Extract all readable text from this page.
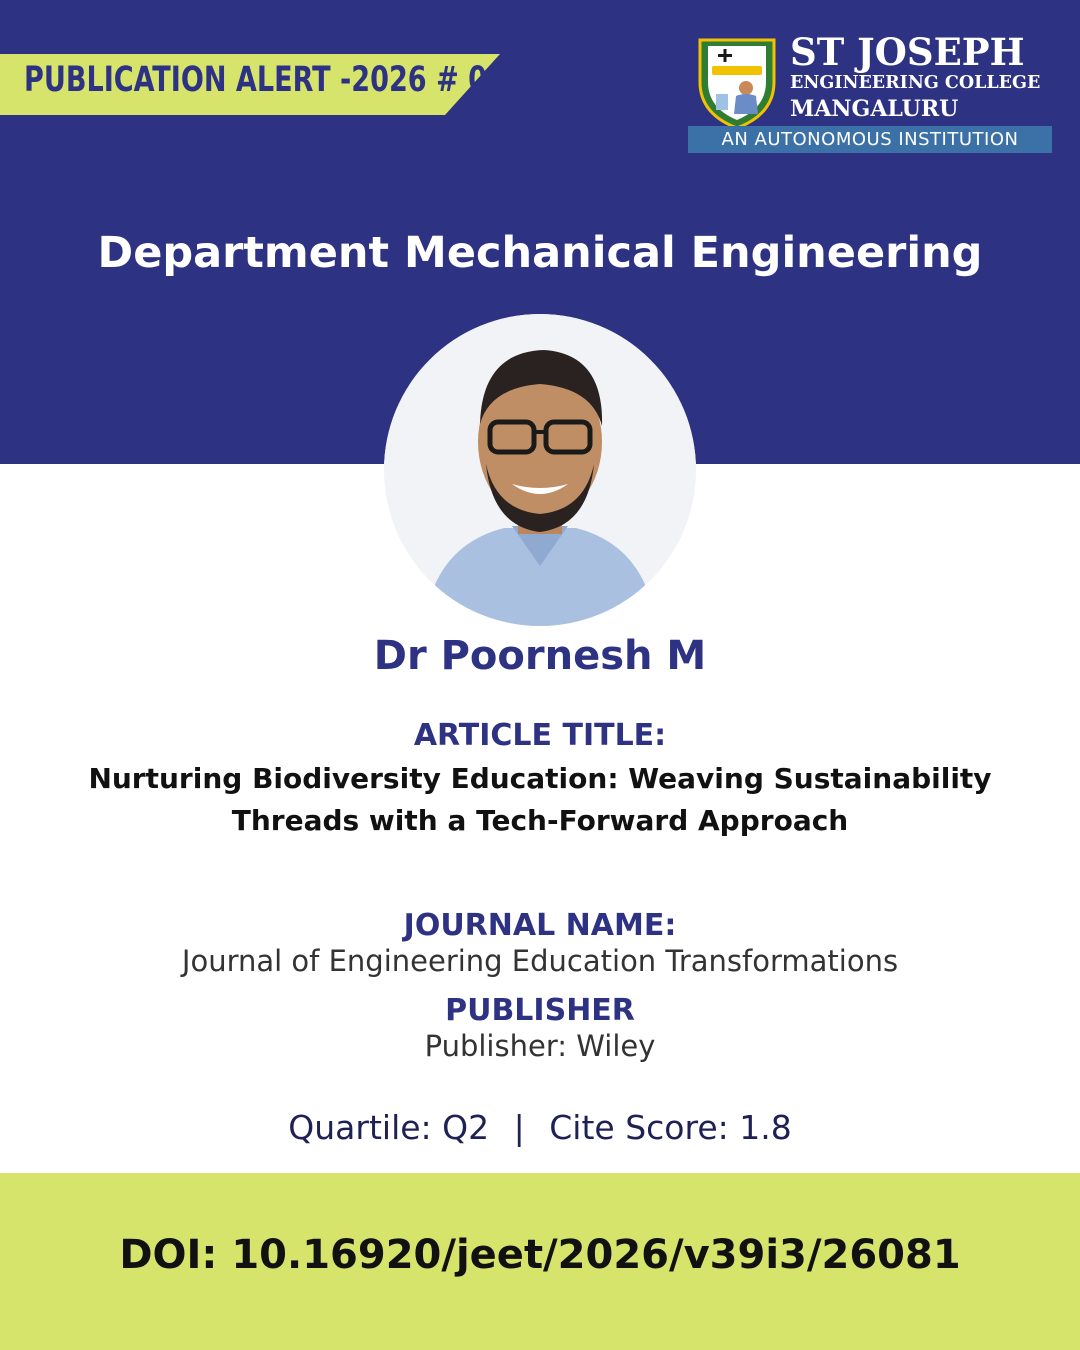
PUBLICATION ALERT -2026 # 03
ST JOSEPH
ENGINEERING COLLEGE
MANGALURU
AN AUTONOMOUS INSTITUTION
Department Mechanical Engineering
Dr Poornesh M
ARTICLE TITLE:
Nurturing Biodiversity Education: Weaving Sustainability
Threads with a Tech-Forward Approach
JOURNAL NAME:
Journal of Engineering Education Transformations
PUBLISHER
Publisher: Wiley
Quartile: Q2 | Cite Score: 1.8
DOI: 10.16920/jeet/2026/v39i3/26081
